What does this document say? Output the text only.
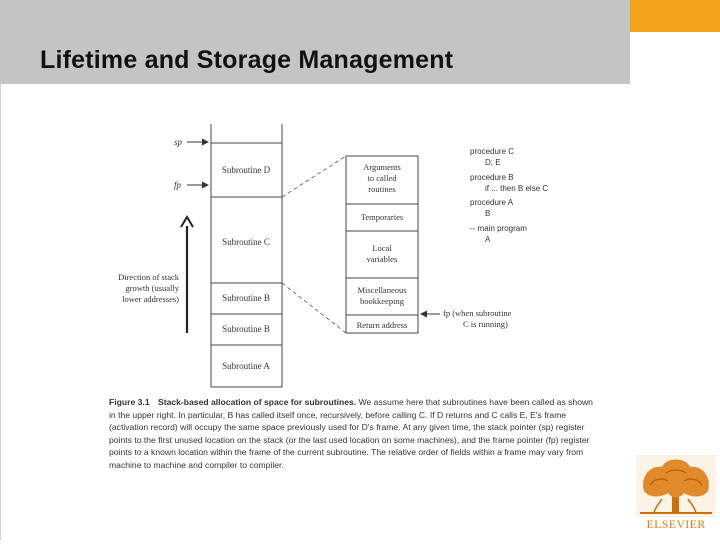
Lifetime and Storage Management
Subroutine D
Subroutine C
Subroutine B
Subroutine B
Subroutine A
sp
fp
Direction of stack
growth (usually
lower addresses)
Arguments
to called
routines
Temporaries
Local
variables
Miscellaneous
bookkeeping
Return address
fp (when subroutine
C is running)
procedure C
D; E
procedure B
if ... then B else C
procedure A
B
-- main program
A

Figure 3.1 Stack-based allocation of space for subroutines. We assume here that subroutines have been called as shown in the upper right. In particular, B has called itself once, recursively, before calling C. If D returns and C calls E, E's frame (activation record) will occupy the same space previously used for D's frame. At any given time, the stack pointer (sp) register points to the first unused location on the stack (or the last used location on some machines), and the frame pointer (fp) register points to a known location within the frame of the current subroutine. The relative order of fields within a frame may vary from machine to machine and compiler to compiler.

ELSEVIER
